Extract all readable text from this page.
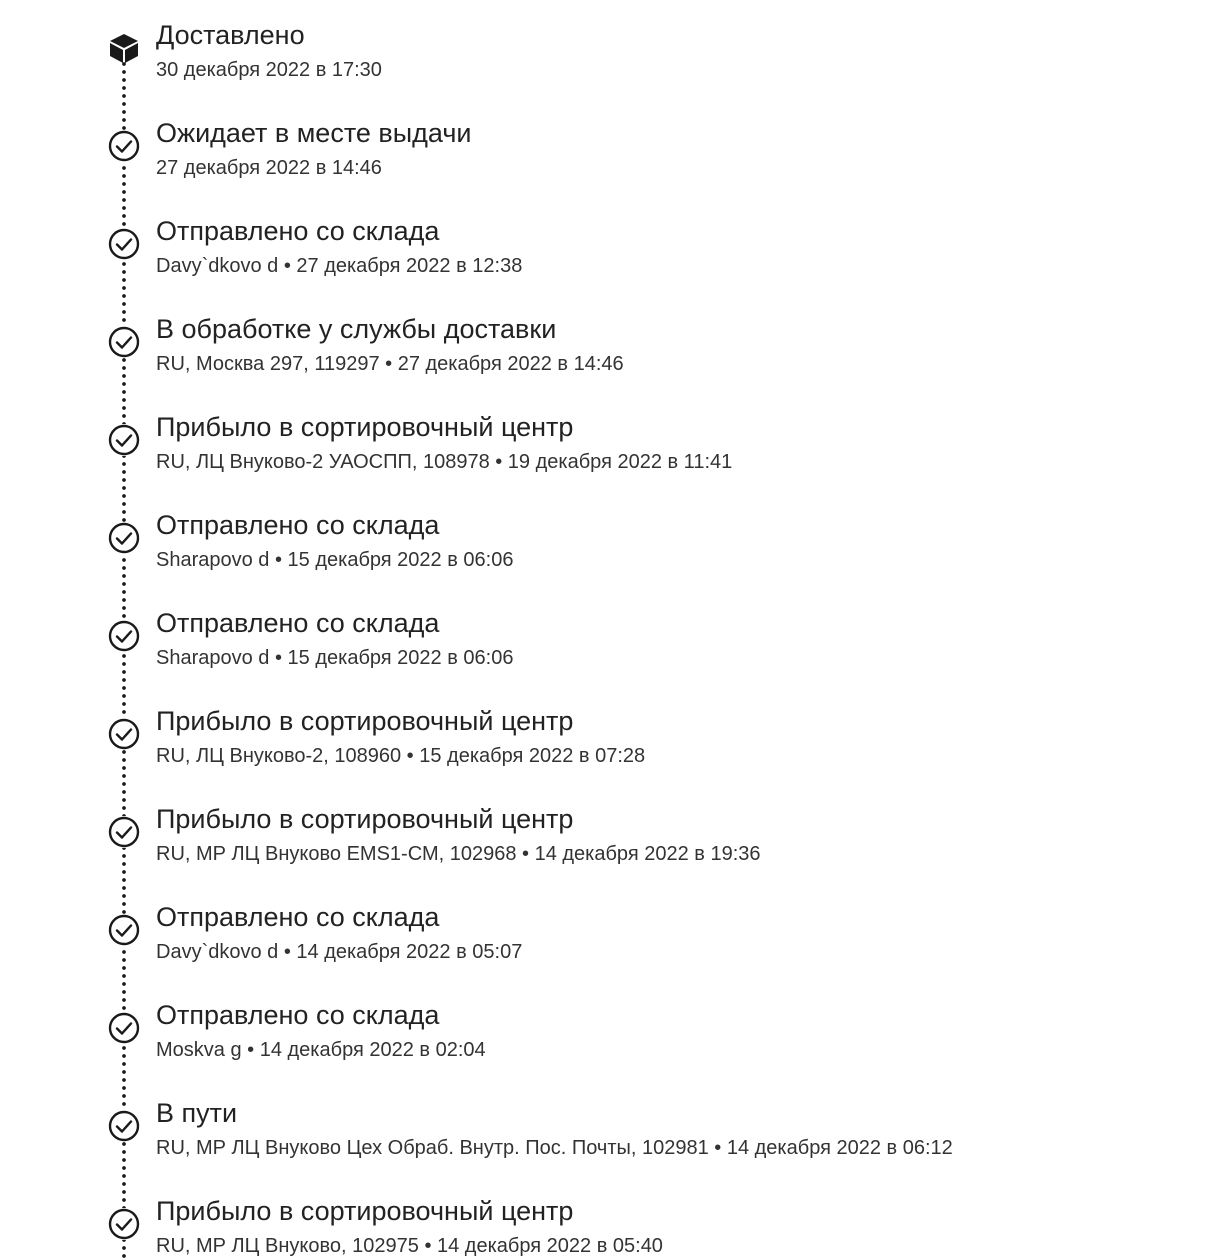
Доставлено
30 декабря 2022 в 17:30
Ожидает в месте выдачи
27 декабря 2022 в 14:46
Отправлено со склада
Davy`dkovo d • 27 декабря 2022 в 12:38
В обработке у службы доставки
RU, Москва 297, 119297 • 27 декабря 2022 в 14:46
Прибыло в сортировочный центр
RU, ЛЦ Внуково-2 УАОСПП, 108978 • 19 декабря 2022 в 11:41
Отправлено со склада
Sharapovo d • 15 декабря 2022 в 06:06
Отправлено со склада
Sharapovo d • 15 декабря 2022 в 06:06
Прибыло в сортировочный центр
RU, ЛЦ Внуково-2, 108960 • 15 декабря 2022 в 07:28
Прибыло в сортировочный центр
RU, МР ЛЦ Внуково EMS1-СМ, 102968 • 14 декабря 2022 в 19:36
Отправлено со склада
Davy`dkovo d • 14 декабря 2022 в 05:07
Отправлено со склада
Moskva g • 14 декабря 2022 в 02:04
В пути
RU, МР ЛЦ Внуково Цех Обраб. Внутр. Пос. Почты, 102981 • 14 декабря 2022 в 06:12
Прибыло в сортировочный центр
RU, МР ЛЦ Внуково, 102975 • 14 декабря 2022 в 05:40
